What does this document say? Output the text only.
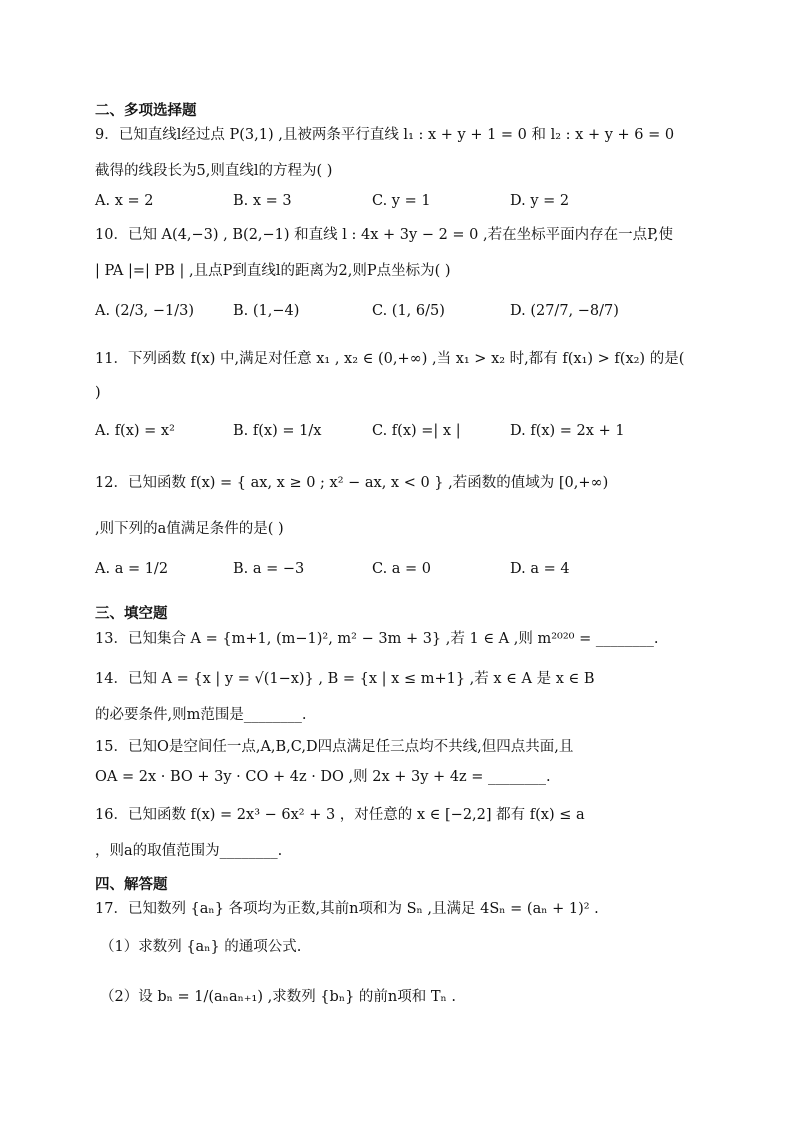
二、多项选择题
9．已知直线l经过点 P(3,1) ,且被两条平行直线 l₁ : x + y + 1 = 0 和 l₂ : x + y + 6 = 0
截得的线段长为5,则直线l的方程为( )
A. x = 2	B. x = 3	C. y = 1	D. y = 2
10．已知 A(4,−3) , B(2,−1) 和直线 l : 4x + 3y − 2 = 0 ,若在坐标平面内存在一点P,使
| PA |=| PB | ,且点P到直线l的距离为2,则P点坐标为( )
A. (2/3, −1/3)	B. (1,−4)	C. (1, 6/5)	D. (27/7, −8/7)
11．下列函数 f(x) 中,满足对任意 x₁ , x₂ ∈ (0,+∞) ,当 x₁ > x₂ 时,都有 f(x₁) > f(x₂) 的是(
)
A. f(x) = x²	B. f(x) = 1/x	C. f(x) =| x |	D. f(x) = 2x + 1
12．已知函数 f(x) = { ax, x ≥ 0 ; x² − ax, x < 0 } ,若函数的值域为 [0,+∞)
,则下列的a值满足条件的是( )
A. a = 1/2	B. a = −3	C. a = 0	D. a = 4
三、填空题
13．已知集合 A = {m+1, (m−1)², m² − 3m + 3} ,若 1 ∈ A ,则 m²⁰²⁰ = ________.
14．已知 A = {x | y = √(1−x)} , B = {x | x ≤ m+1} ,若 x ∈ A 是 x ∈ B
的必要条件,则m范围是________.
15．已知O是空间任一点,A,B,C,D四点满足任三点均不共线,但四点共面,且
OA = 2x · BO + 3y · CO + 4z · DO ,则 2x + 3y + 4z = ________.
16．已知函数 f(x) = 2x³ − 6x² + 3 ，对任意的 x ∈ [−2,2] 都有 f(x) ≤ a
，则a的取值范围为________.
四、解答题
17．已知数列 {aₙ} 各项均为正数,其前n项和为 Sₙ ,且满足 4Sₙ = (aₙ + 1)² .
（1）求数列 {aₙ} 的通项公式.
（2）设 bₙ = 1/(aₙaₙ₊₁) ,求数列 {bₙ} 的前n项和 Tₙ .
